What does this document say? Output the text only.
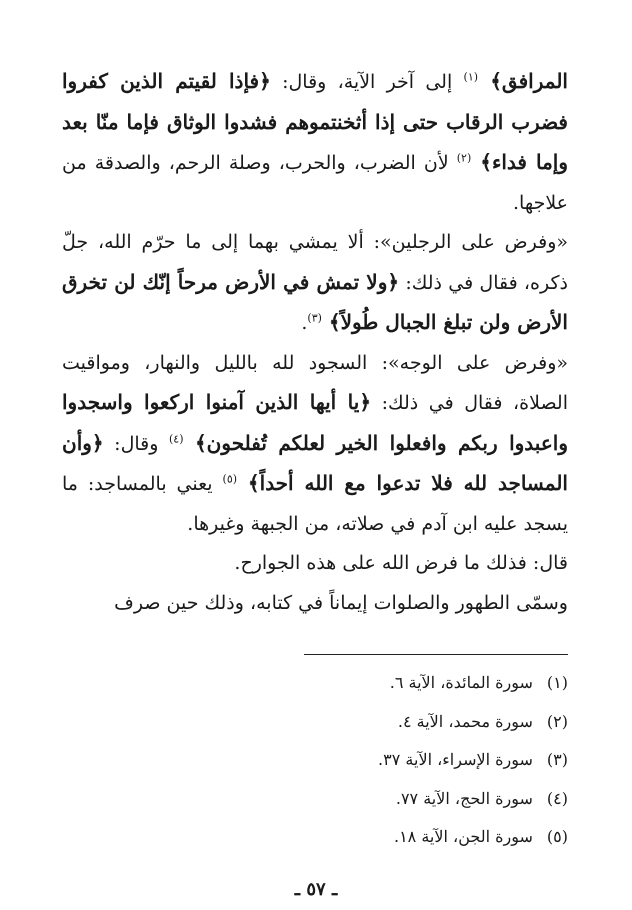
المرافق﴾ $^{(١)}$ إلى آخر الآية، وقال: ﴿فإذا لقيتم الذين كفروا فضرب الرقاب حتى إذا أثخنتموهم فشدوا الوثاق فإما منّا بعد وإما فداء﴾ $^{(٢)}$ لأن الضرب، والحرب، وصلة الرحم، والصدقة من علاجها.

«وفرض على الرجلين»: ألا يمشي بهما إلى ما حرّم الله، جلّ ذكره، فقال في ذلك: ﴿ولا تمش في الأرض مرحاً إنّك لن تخرق الأرض ولن تبلغ الجبال طُولاً﴾ $^{(٣)}$.

«وفرض على الوجه»: السجود لله بالليل والنهار، ومواقيت الصلاة، فقال في ذلك: ﴿يا أيها الذين آمنوا اركعوا واسجدوا واعبدوا ربكم وافعلوا الخير لعلكم تُفلحون﴾ $^{(٤)}$ وقال: ﴿وأن المساجد لله فلا تدعوا مع الله أحداً﴾ $^{(٥)}$ يعني بالمساجد: ما يسجد عليه ابن آدم في صلاته، من الجبهة وغيرها.

قال: فذلك ما فرض الله على هذه الجوارح.

وسمّى الطهور والصلوات إيماناً في كتابه، وذلك حين صرف

(١) سورة المائدة، الآية ٦.
(٢) سورة محمد، الآية ٤.
(٣) سورة الإسراء، الآية ٣٧.
(٤) سورة الحج، الآية ٧٧.
(٥) سورة الجن، الآية ١٨.
ـ ٥٧ ـ
